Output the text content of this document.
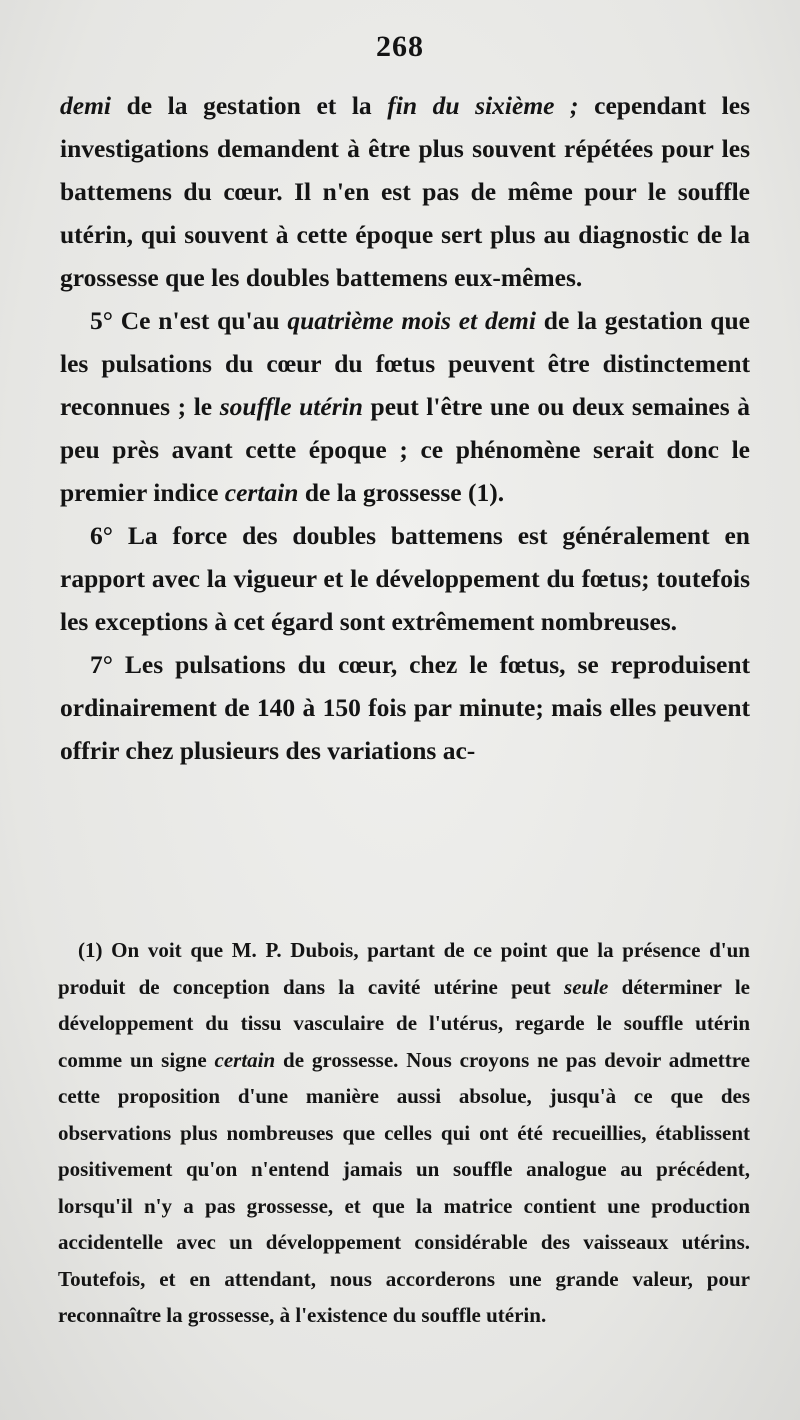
268

demi de la gestation et la fin du sixième ; cependant les investigations demandent à être plus souvent répétées pour les battemens du cœur. Il n'en est pas de même pour le souffle utérin, qui souvent à cette époque sert plus au diagnostic de la grossesse que les doubles battemens eux-mêmes.

5° Ce n'est qu'au quatrième mois et demi de la gestation que les pulsations du cœur du fœtus peuvent être distinctement reconnues ; le souffle utérin peut l'être une ou deux semaines à peu près avant cette époque ; ce phénomène serait donc le premier indice certain de la grossesse (1).

6° La force des doubles battemens est généralement en rapport avec la vigueur et le développement du fœtus; toutefois les exceptions à cet égard sont extrêmement nombreuses.

7° Les pulsations du cœur, chez le fœtus, se reproduisent ordinairement de 140 à 150 fois par minute; mais elles peuvent offrir chez plusieurs des variations ac-

(1) On voit que M. P. Dubois, partant de ce point que la présence d'un produit de conception dans la cavité utérine peut seule déterminer le développement du tissu vasculaire de l'utérus, regarde le souffle utérin comme un signe certain de grossesse. Nous croyons ne pas devoir admettre cette proposition d'une manière aussi absolue, jusqu'à ce que des observations plus nombreuses que celles qui ont été recueillies, établissent positivement qu'on n'entend jamais un souffle analogue au précédent, lorsqu'il n'y a pas grossesse, et que la matrice contient une production accidentelle avec un développement considérable des vaisseaux utérins. Toutefois, et en attendant, nous accorderons une grande valeur, pour reconnaître la grossesse, à l'existence du souffle utérin.
